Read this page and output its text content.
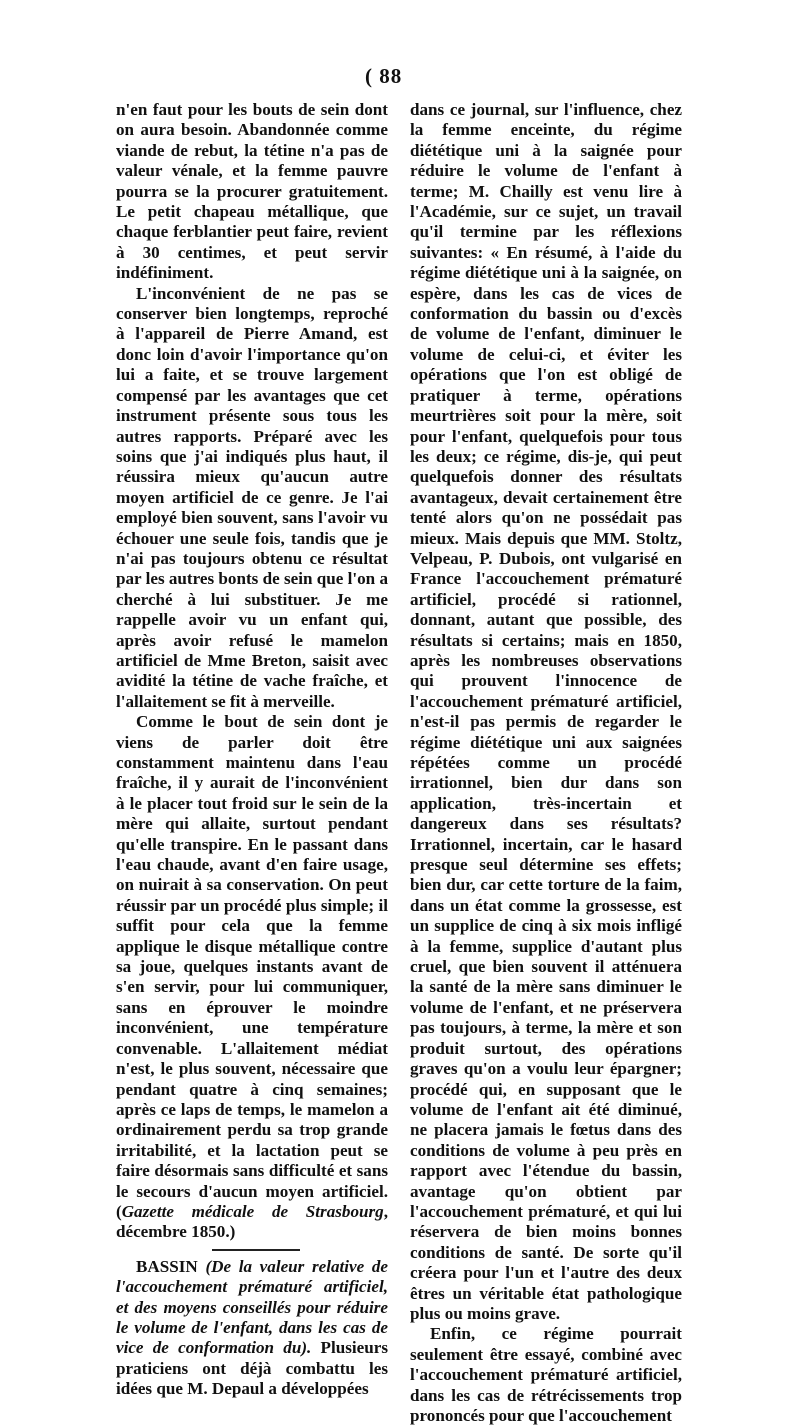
( 88

n'en faut pour les bouts de sein dont on aura besoin. Abandonnée comme viande de rebut, la tétine n'a pas de valeur vénale, et la femme pauvre pourra se la procurer gratuitement. Le petit chapeau métallique, que chaque ferblantier peut faire, revient à 30 centimes, et peut servir indéfiniment.

L'inconvénient de ne pas se conserver bien longtemps, reproché à l'appareil de Pierre Amand, est donc loin d'avoir l'importance qu'on lui a faite, et se trouve largement compensé par les avantages que cet instrument présente sous tous les autres rapports. Préparé avec les soins que j'ai indiqués plus haut, il réussira mieux qu'aucun autre moyen artificiel de ce genre. Je l'ai employé bien souvent, sans l'avoir vu échouer une seule fois, tandis que je n'ai pas toujours obtenu ce résultat par les autres bonts de sein que l'on a cherché à lui substituer. Je me rappelle avoir vu un enfant qui, après avoir refusé le mamelon artificiel de Mme Breton, saisit avec avidité la tétine de vache fraîche, et l'allaitement se fit à merveille.

Comme le bout de sein dont je viens de parler doit être constamment maintenu dans l'eau fraîche, il y aurait de l'inconvénient à le placer tout froid sur le sein de la mère qui allaite, surtout pendant qu'elle transpire. En le passant dans l'eau chaude, avant d'en faire usage, on nuirait à sa conservation. On peut réussir par un procédé plus simple; il suffit pour cela que la femme applique le disque métallique contre sa joue, quelques instants avant de s'en servir, pour lui communiquer, sans en éprouver le moindre inconvénient, une température convenable. L'allaitement médiat n'est, le plus souvent, nécessaire que pendant quatre à cinq semaines; après ce laps de temps, le mamelon a ordinairement perdu sa trop grande irritabilité, et la lactation peut se faire désormais sans difficulté et sans le secours d'aucun moyen artificiel. (Gazette médicale de Strasbourg, décembre 1850.)

BASSIN (De la valeur relative de l'accouchement prématuré artificiel, et des moyens conseillés pour réduire le volume de l'enfant, dans les cas de vice de conformation du). Plusieurs praticiens ont déjà combattu les idées que M. Depaul a développées

dans ce journal, sur l'influence, chez la femme enceinte, du régime diététique uni à la saignée pour réduire le volume de l'enfant à terme; M. Chailly est venu lire à l'Académie, sur ce sujet, un travail qu'il termine par les réflexions suivantes: « En résumé, à l'aide du régime diététique uni à la saignée, on espère, dans les cas de vices de conformation du bassin ou d'excès de volume de l'enfant, diminuer le volume de celui-ci, et éviter les opérations que l'on est obligé de pratiquer à terme, opérations meurtrières soit pour la mère, soit pour l'enfant, quelquefois pour tous les deux; ce régime, dis-je, qui peut quelquefois donner des résultats avantageux, devait certainement être tenté alors qu'on ne possédait pas mieux. Mais depuis que MM. Stoltz, Velpeau, P. Dubois, ont vulgarisé en France l'accouchement prématuré artificiel, procédé si rationnel, donnant, autant que possible, des résultats si certains; mais en 1850, après les nombreuses observations qui prouvent l'innocence de l'accouchement prématuré artificiel, n'est-il pas permis de regarder le régime diététique uni aux saignées répétées comme un procédé irrationnel, bien dur dans son application, très-incertain et dangereux dans ses résultats? Irrationnel, incertain, car le hasard presque seul détermine ses effets; bien dur, car cette torture de la faim, dans un état comme la grossesse, est un supplice de cinq à six mois infligé à la femme, supplice d'autant plus cruel, que bien souvent il atténuera la santé de la mère sans diminuer le volume de l'enfant, et ne préservera pas toujours, à terme, la mère et son produit surtout, des opérations graves qu'on a voulu leur épargner; procédé qui, en supposant que le volume de l'enfant ait été diminué, ne placera jamais le fœtus dans des conditions de volume à peu près en rapport avec l'étendue du bassin, avantage qu'on obtient par l'accouchement prématuré, et qui lui réservera de bien moins bonnes conditions de santé. De sorte qu'il créera pour l'un et l'autre des deux êtres un véritable état pathologique plus ou moins grave.

Enfin, ce régime pourrait seulement être essayé, combiné avec l'accouchement prématuré artificiel, dans les cas de rétrécissements trop prononcés pour que l'accouchement
